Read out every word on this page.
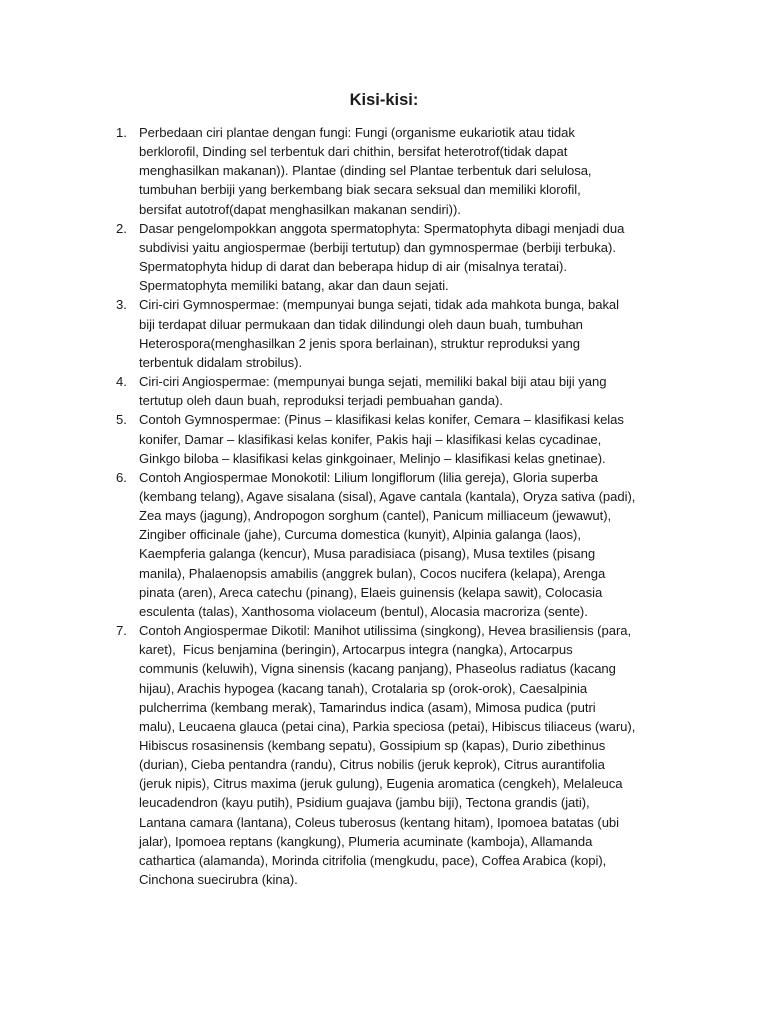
Kisi-kisi:
1. Perbedaan ciri plantae dengan fungi: Fungi (organisme eukariotik atau tidak
berklorofil, Dinding sel terbentuk dari chithin, bersifat heterotrof(tidak dapat
menghasilkan makanan)). Plantae (dinding sel Plantae terbentuk dari selulosa,
tumbuhan berbiji yang berkembang biak secara seksual dan memiliki klorofil,
bersifat autotrof(dapat menghasilkan makanan sendiri)).
2. Dasar pengelompokkan anggota spermatophyta: Spermatophyta dibagi menjadi dua
subdivisi yaitu angiospermae (berbiji tertutup) dan gymnospermae (berbiji terbuka).
Spermatophyta hidup di darat dan beberapa hidup di air (misalnya teratai).
Spermatophyta memiliki batang, akar dan daun sejati.
3. Ciri-ciri Gymnospermae: (mempunyai bunga sejati, tidak ada mahkota bunga, bakal
biji terdapat diluar permukaan dan tidak dilindungi oleh daun buah, tumbuhan
Heterospora(menghasilkan 2 jenis spora berlainan), struktur reproduksi yang
terbentuk didalam strobilus).
4. Ciri-ciri Angiospermae: (mempunyai bunga sejati, memiliki bakal biji atau biji yang
tertutup oleh daun buah, reproduksi terjadi pembuahan ganda).
5. Contoh Gymnospermae: (Pinus – klasifikasi kelas konifer, Cemara – klasifikasi kelas
konifer, Damar – klasifikasi kelas konifer, Pakis haji – klasifikasi kelas cycadinae,
Ginkgo biloba – klasifikasi kelas ginkgoinaer, Melinjo – klasifikasi kelas gnetinae).
6. Contoh Angiospermae Monokotil: Lilium longiflorum (lilia gereja), Gloria superba
(kembang telang), Agave sisalana (sisal), Agave cantala (kantala), Oryza sativa (padi),
Zea mays (jagung), Andropogon sorghum (cantel), Panicum milliaceum (jewawut),
Zingiber officinale (jahe), Curcuma domestica (kunyit), Alpinia galanga (laos),
Kaempferia galanga (kencur), Musa paradisiaca (pisang), Musa textiles (pisang
manila), Phalaenopsis amabilis (anggrek bulan), Cocos nucifera (kelapa), Arenga
pinata (aren), Areca catechu (pinang), Elaeis guinensis (kelapa sawit), Colocasia
esculenta (talas), Xanthosoma violaceum (bentul), Alocasia macroriza (sente).
7. Contoh Angiospermae Dikotil: Manihot utilissima (singkong), Hevea brasiliensis (para,
karet),  Ficus benjamina (beringin), Artocarpus integra (nangka), Artocarpus
communis (keluwih), Vigna sinensis (kacang panjang), Phaseolus radiatus (kacang
hijau), Arachis hypogea (kacang tanah), Crotalaria sp (orok-orok), Caesalpinia
pulcherrima (kembang merak), Tamarindus indica (asam), Mimosa pudica (putri
malu), Leucaena glauca (petai cina), Parkia speciosa (petai), Hibiscus tiliaceus (waru),
Hibiscus rosasinensis (kembang sepatu), Gossipium sp (kapas), Durio zibethinus
(durian), Cieba pentandra (randu), Citrus nobilis (jeruk keprok), Citrus aurantifolia
(jeruk nipis), Citrus maxima (jeruk gulung), Eugenia aromatica (cengkeh), Melaleuca
leucadendron (kayu putih), Psidium guajava (jambu biji), Tectona grandis (jati),
Lantana camara (lantana), Coleus tuberosus (kentang hitam), Ipomoea batatas (ubi
jalar), Ipomoea reptans (kangkung), Plumeria acuminate (kamboja), Allamanda
cathartica (alamanda), Morinda citrifolia (mengkudu, pace), Coffea Arabica (kopi),
Cinchona suecirubra (kina).
